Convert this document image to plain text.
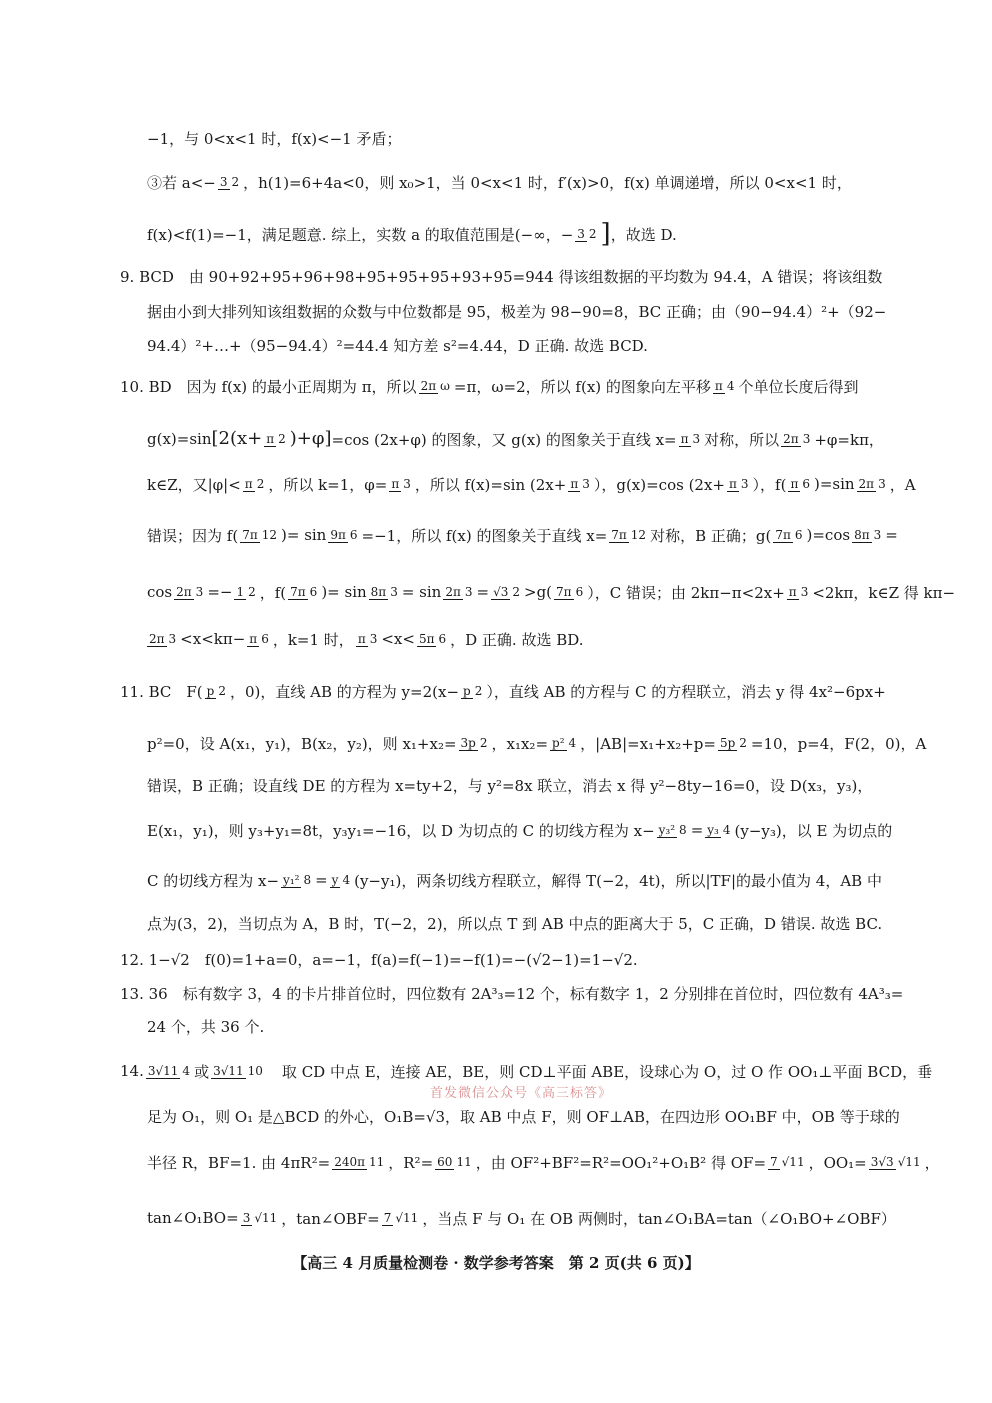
−1，与 0<x<1 时，f(x)<−1 矛盾；
③若 a<− 3 2 ，h(1)=6+4a<0，则 x₀>1，当 0<x<1 时，f′(x)>0，f(x) 单调递增，所以 0<x<1 时，
f(x)<f(1)=−1，满足题意. 综上，实数 a 的取值范围是 (−∞，− 3 2 ] ，故选 D.
9. BCD　由 90+92+95+96+98+95+95+95+93+95=944 得该组数据的平均数为 94.4，A 错误；将该组数
据由小到大排列知该组数据的众数与中位数都是 95，极差为 98−90=8，BC 正确；由（90−94.4）²+（92−
94.4）²+…+（95−94.4）²=44.4 知方差 s²=4.44，D 正确. 故选 BCD.
10. BD　因为 f(x) 的最小正周期为 π，所以 2π ω =π，ω=2，所以 f(x) 的图象向左平移 π 4 个单位长度后得到
g(x)=sin [2(x+ π 2 )+φ] =cos (2x+φ) 的图象，又 g(x) 的图象关于直线 x= π 3 对称，所以 2π 3 +φ=kπ，
k∈Z，又|φ|< π 2 ，所以 k=1，φ= π 3 ，所以 f(x)=sin (2x+ π 3 ），g(x)=cos (2x+ π 3 ），f( π 6 )=sin 2π 3 ，A
错误；因为 f( 7π 12 )= sin 9π 6 =−1，所以 f(x) 的图象关于直线 x= 7π 12 对称，B 正确；g( 7π 6 )=cos 8π 3 =
cos 2π 3 =− 1 2 ，f( 7π 6 )= sin 8π 3 = sin 2π 3 = √3 2 >g( 7π 6 ），C 错误；由 2kπ−π<2x+ π 3 <2kπ，k∈Z 得 kπ−
2π 3 <x<kπ− π 6 ，k=1 时， π 3 <x< 5π 6 ，D 正确. 故选 BD.
11. BC　F( p 2 ，0)，直线 AB 的方程为 y=2(x− p 2 ），直线 AB 的方程与 C 的方程联立，消去 y 得 4x²−6px+
p²=0，设 A(x₁，y₁)，B(x₂，y₂)，则 x₁+x₂= 3p 2 ，x₁x₂= p² 4 ，|AB|=x₁+x₂+p= 5p 2 =10，p=4，F(2，0)，A
错误，B 正确；设直线 DE 的方程为 x=ty+2，与 y²=8x 联立，消去 x 得 y²−8ty−16=0，设 D(x₃，y₃)，
E(x₁，y₁)，则 y₃+y₁=8t，y₃y₁=−16，以 D 为切点的 C 的切线方程为 x− y₃² 8 = y₃ 4 (y−y₃)，以 E 为切点的
C 的切线方程为 x− y₁² 8 = y 4 (y−y₁)，两条切线方程联立，解得 T(−2，4t)，所以|TF|的最小值为 4，AB 中
点为(3，2)，当切点为 A，B 时，T(−2，2)，所以点 T 到 AB 中点的距离大于 5，C 正确，D 错误. 故选 BC.
12. 1−√2　f(0)=1+a=0，a=−1，f(a)=f(−1)=−f(1)=−(√2−1)=1−√2.
13. 36　标有数字 3，4 的卡片排首位时，四位数有 2A³₃=12 个，标有数字 1，2 分别排在首位时，四位数有 4A³₃=
24 个，共 36 个.
14. 3√11 4 或 3√11 10 　取 CD 中点 E，连接 AE，BE，则 CD⊥平面 ABE，设球心为 O，过 O 作 OO₁⊥平面 BCD，垂
首发微信公众号《高三标答》
足为 O₁，则 O₁ 是△BCD 的外心，O₁B=√3，取 AB 中点 F，则 OF⊥AB，在四边形 OO₁BF 中，OB 等于球的
半径 R，BF=1. 由 4πR²= 240π 11 ，R²= 60 11 ，由 OF²+BF²=R²=OO₁²+O₁B² 得 OF= 7 √11 ，OO₁= 3√3 √11 ，
tan∠O₁BO= 3 √11 ，tan∠OBF= 7 √11 ，当点 F 与 O₁ 在 OB 两侧时，tan∠O₁BA=tan（∠O₁BO+∠OBF）
【高三 4 月质量检测卷 · 数学参考答案　第 2 页(共 6 页)】
